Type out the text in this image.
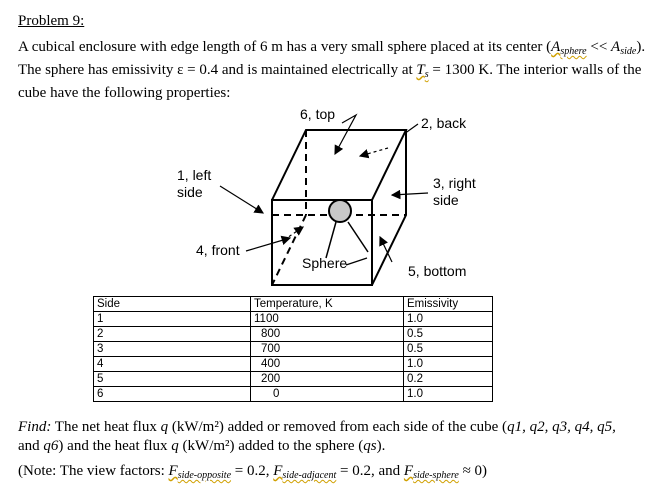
Problem 9:
A cubical enclosure with edge length of 6 m has a very small sphere placed at its center $(A_{sphere} << A_{side})$. The sphere has emissivity ε = 0.4 and is maintained electrically at $T_s = 1300$ K. The interior walls of the cube have the following properties:
6, top
2, back
1, left
side
3, right
side
4, front
Sphere	5, bottom
Side	Temperature, K	Emissivity
1	1100	1.0
2	800	0.5
3	700	0.5
4	400	1.0
5	200	0.2
6	0	1.0
Find: The net heat flux q (kW/m²) added or removed from each side of the cube (q1, q2, q3, q4, q5,
and q6) and the heat flux q (kW/m²) added to the sphere (qs).
(Note: The view factors: $F_{side-opposite} = 0.2$, $F_{side-adjacent} = 0.2$, and $F_{side-sphere} \approx 0$)
